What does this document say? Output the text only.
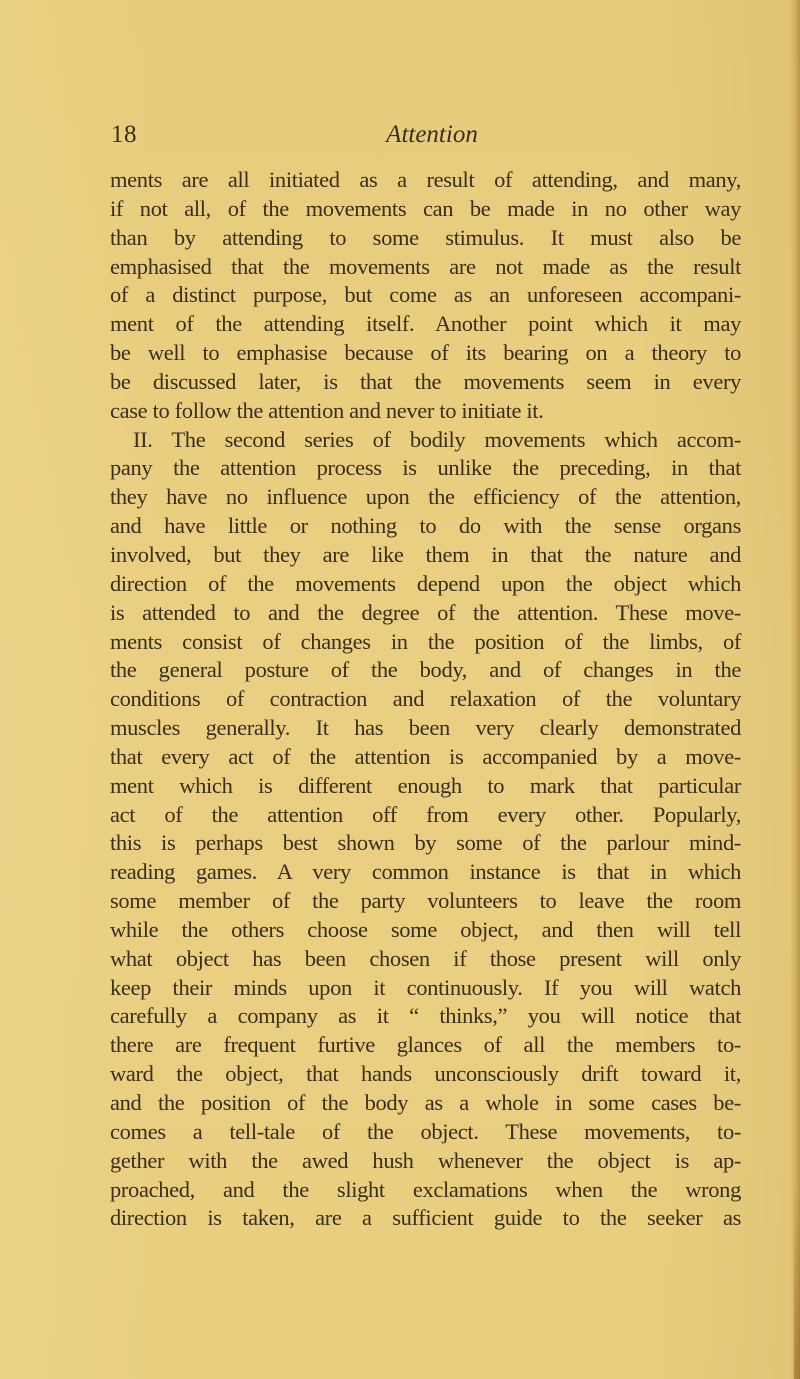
18	Attention
ments are all initiated as a result of attending, and many,
if not all, of the movements can be made in no other way
than by attending to some stimulus. It must also be
emphasised that the movements are not made as the result
of a distinct purpose, but come as an unforeseen accompani-
ment of the attending itself. Another point which it may
be well to emphasise because of its bearing on a theory to
be discussed later, is that the movements seem in every
case to follow the attention and never to initiate it.
II. The second series of bodily movements which accom-
pany the attention process is unlike the preceding, in that
they have no influence upon the efficiency of the attention,
and have little or nothing to do with the sense organs
involved, but they are like them in that the nature and
direction of the movements depend upon the object which
is attended to and the degree of the attention. These move-
ments consist of changes in the position of the limbs, of
the general posture of the body, and of changes in the
conditions of contraction and relaxation of the voluntary
muscles generally. It has been very clearly demonstrated
that every act of the attention is accompanied by a move-
ment which is different enough to mark that particular
act of the attention off from every other. Popularly,
this is perhaps best shown by some of the parlour mind-
reading games. A very common instance is that in which
some member of the party volunteers to leave the room
while the others choose some object, and then will tell
what object has been chosen if those present will only
keep their minds upon it continuously. If you will watch
carefully a company as it “ thinks,” you will notice that
there are frequent furtive glances of all the members to-
ward the object, that hands unconsciously drift toward it,
and the position of the body as a whole in some cases be-
comes a tell-tale of the object. These movements, to-
gether with the awed hush whenever the object is ap-
proached, and the slight exclamations when the wrong
direction is taken, are a sufficient guide to the seeker as
